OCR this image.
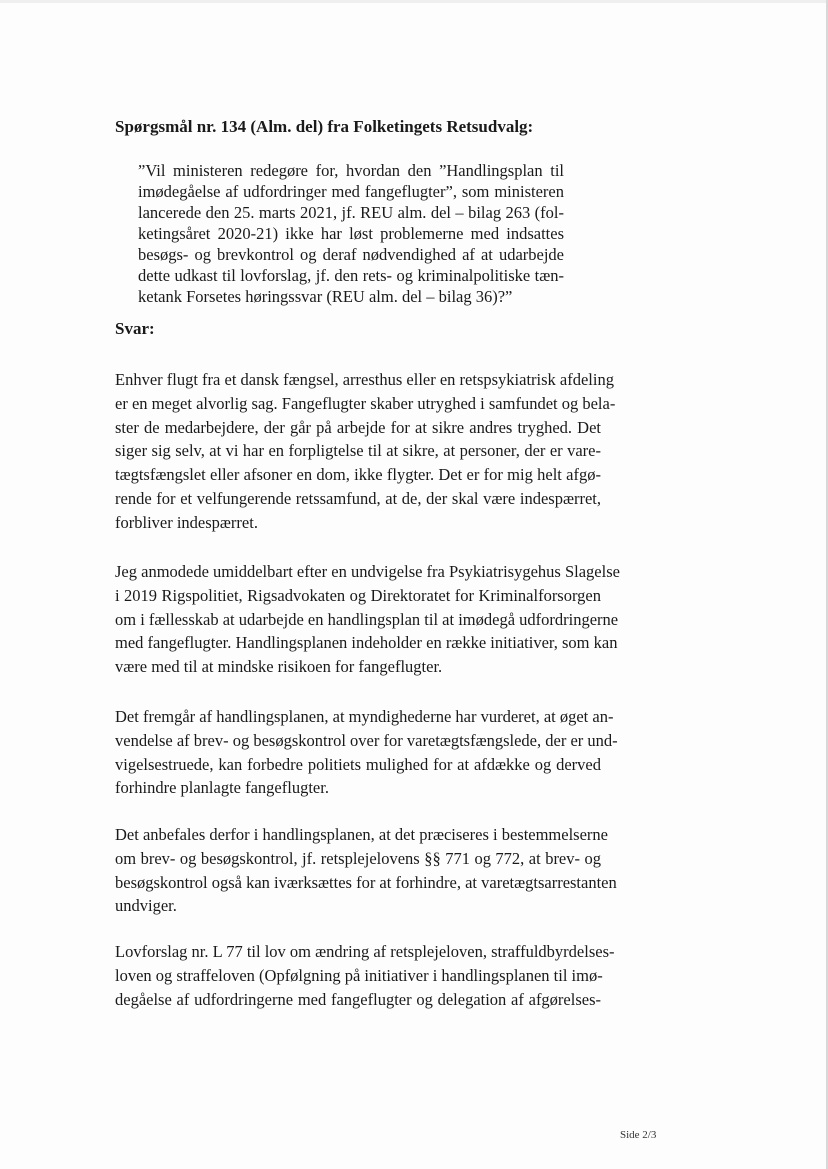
Spørgsmål nr. 134 (Alm. del) fra Folketingets Retsudvalg:

”Vil ministeren redegøre for, hvordan den ”Handlingsplan til
imødegåelse af udfordringer med fangeflugter”, som ministeren
lancerede den 25. marts 2021, jf. REU alm. del – bilag 263 (fol-
ketingsåret 2020-21) ikke har løst problemerne med indsattes
besøgs- og brevkontrol og deraf nødvendighed af at udarbejde
dette udkast til lovforslag, jf. den rets- og kriminalpolitiske tæn-
ketank Forsetes høringssvar (REU alm. del – bilag 36)?”

Svar:

Enhver flugt fra et dansk fængsel, arresthus eller en retspsykiatrisk afdeling
er en meget alvorlig sag. Fangeflugter skaber utryghed i samfundet og bela-
ster de medarbejdere, der går på arbejde for at sikre andres tryghed. Det
siger sig selv, at vi har en forpligtelse til at sikre, at personer, der er vare-
tægtsfængslet eller afsoner en dom, ikke flygter. Det er for mig helt afgø-
rende for et velfungerende retssamfund, at de, der skal være indespærret,
forbliver indespærret.

Jeg anmodede umiddelbart efter en undvigelse fra Psykiatrisygehus Slagelse
i 2019 Rigspolitiet, Rigsadvokaten og Direktoratet for Kriminalforsorgen
om i fællesskab at udarbejde en handlingsplan til at imødegå udfordringerne
med fangeflugter. Handlingsplanen indeholder en række initiativer, som kan
være med til at mindske risikoen for fangeflugter.

Det fremgår af handlingsplanen, at myndighederne har vurderet, at øget an-
vendelse af brev- og besøgskontrol over for varetægtsfængslede, der er und-
vigelsestruede, kan forbedre politiets mulighed for at afdække og derved
forhindre planlagte fangeflugter.

Det anbefales derfor i handlingsplanen, at det præciseres i bestemmelserne
om brev- og besøgskontrol, jf. retsplejelovens §§ 771 og 772, at brev- og
besøgskontrol også kan iværksættes for at forhindre, at varetægtsarrestanten
undviger.

Lovforslag nr. L 77 til lov om ændring af retsplejeloven, straffuldbyrdelses-
loven og straffeloven (Opfølgning på initiativer i handlingsplanen til imø-
degåelse af udfordringerne med fangeflugter og delegation af afgørelses-

Side 2/3
